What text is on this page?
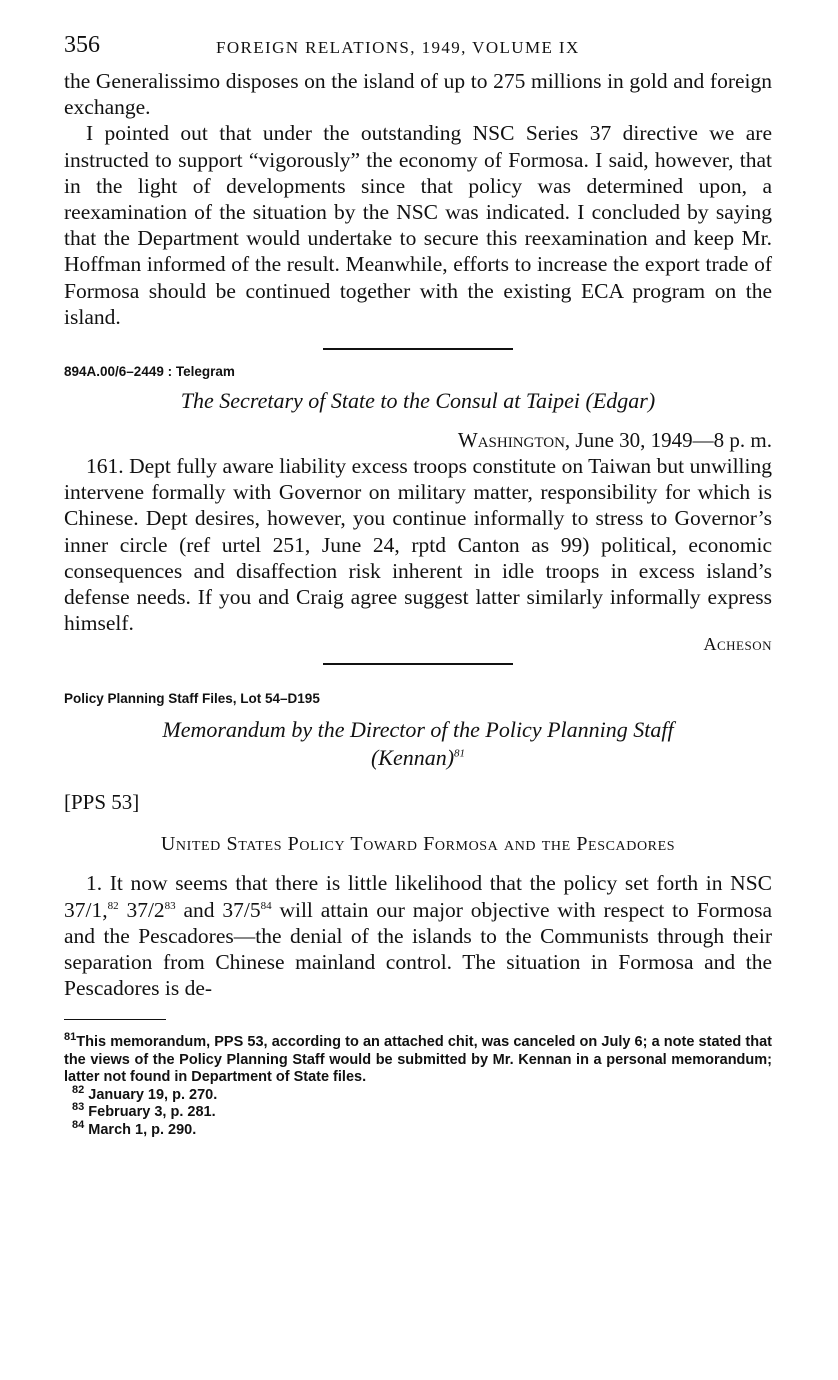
356	FOREIGN RELATIONS, 1949, VOLUME IX

the Generalissimo disposes on the island of up to 275 millions in gold and foreign exchange.

I pointed out that under the outstanding NSC Series 37 directive we are instructed to support “vigorously” the economy of Formosa. I said, however, that in the light of developments since that policy was determined upon, a reexamination of the situation by the NSC was indicated. I concluded by saying that the Department would undertake to secure this reexamination and keep Mr. Hoffman informed of the result. Meanwhile, efforts to increase the export trade of Formosa should be continued together with the existing ECA program on the island.

894A.00/6–2449 : Telegram
The Secretary of State to the Consul at Taipei (Edgar)
Washington, June 30, 1949—8 p. m.

161. Dept fully aware liability excess troops constitute on Taiwan but unwilling intervene formally with Governor on military matter, responsibility for which is Chinese. Dept desires, however, you continue informally to stress to Governor’s inner circle (ref urtel 251, June 24, rptd Canton as 99) political, economic consequences and disaffection risk inherent in idle troops in excess island’s defense needs. If you and Craig agree suggest latter similarly informally express himself.

Acheson
Policy Planning Staff Files, Lot 54–D195
Memorandum by the Director of the Policy Planning Staff
(Kennan)$^{81}$
[PPS 53]
United States Policy Toward Formosa and the Pescadores

1. It now seems that there is little likelihood that the policy set forth in NSC 37/1,82 $37/2^{83}$ and $37/5^{84}$ will attain our major objective with respect to Formosa and the Pescadores—the denial of the islands to the Communists through their separation from Chinese mainland control. The situation in Formosa and the Pescadores is de-

$^{81}$This memorandum, PPS 53, according to an attached chit, was canceled on July 6; a note stated that the views of the Policy Planning Staff would be submitted by Mr. Kennan in a personal memorandum; latter not found in Department of State files.
$^{82}$ January 19, p. 270.
$^{83}$ February 3, p. 281.
$^{84}$ March 1, p. 290.
